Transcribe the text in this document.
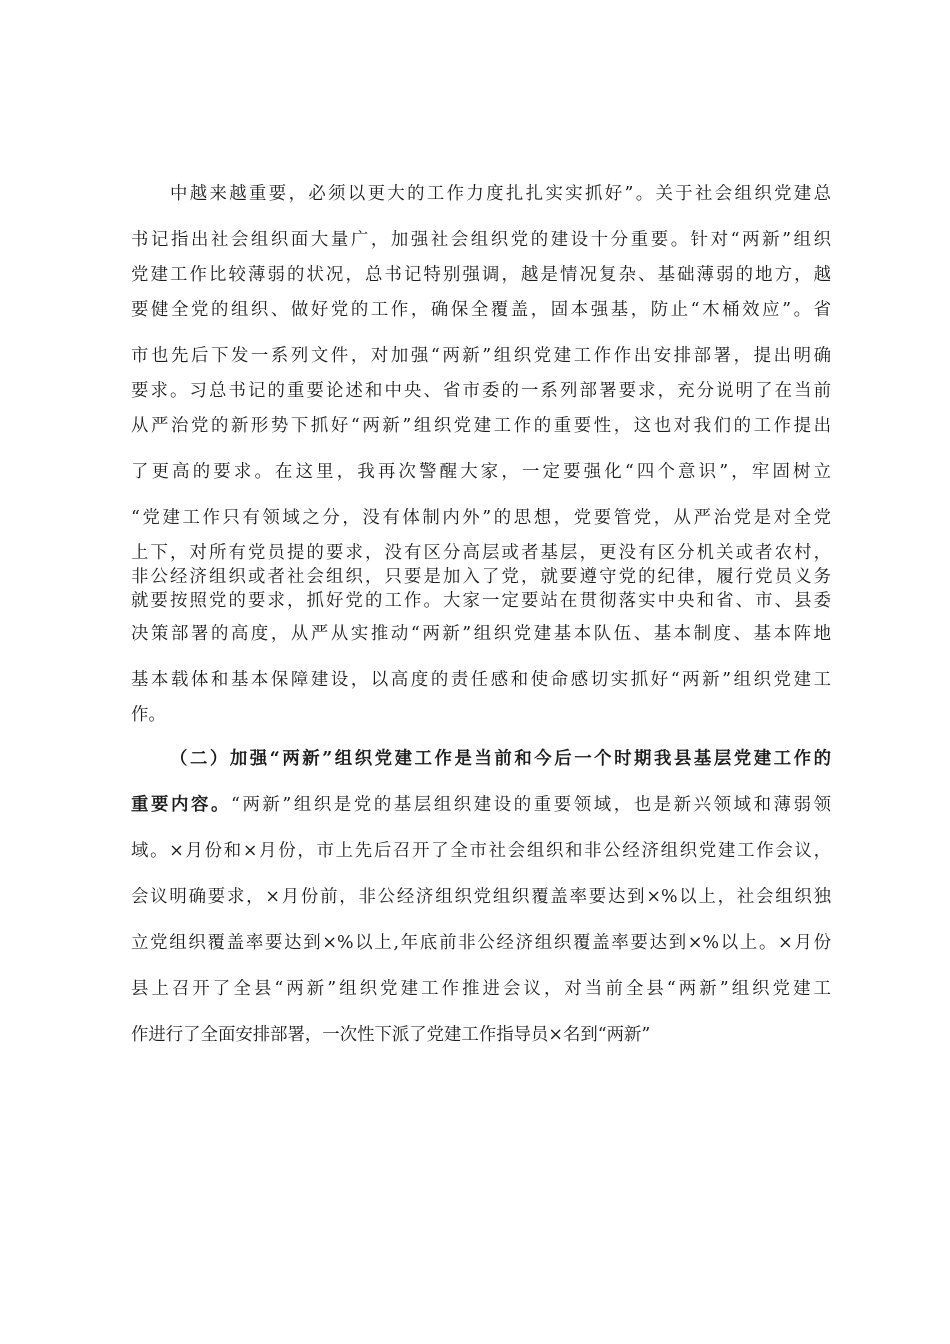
中越来越重要，必须以更大的工作力度扎扎实实抓好”。关于社会组织党建总
书记指出社会组织面大量广，加强社会组织党的建设十分重要。针对“两新”组织
党建工作比较薄弱的状况，总书记特别强调，越是情况复杂、基础薄弱的地方，越
要健全党的组织、做好党的工作，确保全覆盖，固本强基，防止“木桶效应”。省
市也先后下发一系列文件，对加强“两新”组织党建工作作出安排部署，提出明确
要求。习总书记的重要论述和中央、省市委的一系列部署要求，充分说明了在当前
从严治党的新形势下抓好“两新”组织党建工作的重要性，这也对我们的工作提出
了更高的要求。在这里，我再次警醒大家，一定要强化“四个意识”，牢固树立
“党建工作只有领域之分，没有体制内外”的思想，党要管党，从严治党是对全党
上下，对所有党员提的要求，没有区分高层或者基层，更没有区分机关或者农村，
非公经济组织或者社会组织，只要是加入了党，就要遵守党的纪律，履行党员义务
就要按照党的要求，抓好党的工作。大家一定要站在贯彻落实中央和省、市、县委
决策部署的高度，从严从实推动“两新”组织党建基本队伍、基本制度、基本阵地
基本载体和基本保障建设，以高度的责任感和使命感切实抓好“两新”组织党建工
作。
（二）加强“两新”组织党建工作是当前和今后一个时期我县基层党建工作的
重要内容。“两新”组织是党的基层组织建设的重要领域，也是新兴领域和薄弱领
域。×月份和×月份，市上先后召开了全市社会组织和非公经济组织党建工作会议，
会议明确要求，×月份前，非公经济组织党组织覆盖率要达到×%以上，社会组织独
立党组织覆盖率要达到×%以上,年底前非公经济组织覆盖率要达到×%以上。×月份
县上召开了全县“两新”组织党建工作推进会议，对当前全县“两新”组织党建工
作进行了全面安排部署，一次性下派了党建工作指导员×名到“两新”
